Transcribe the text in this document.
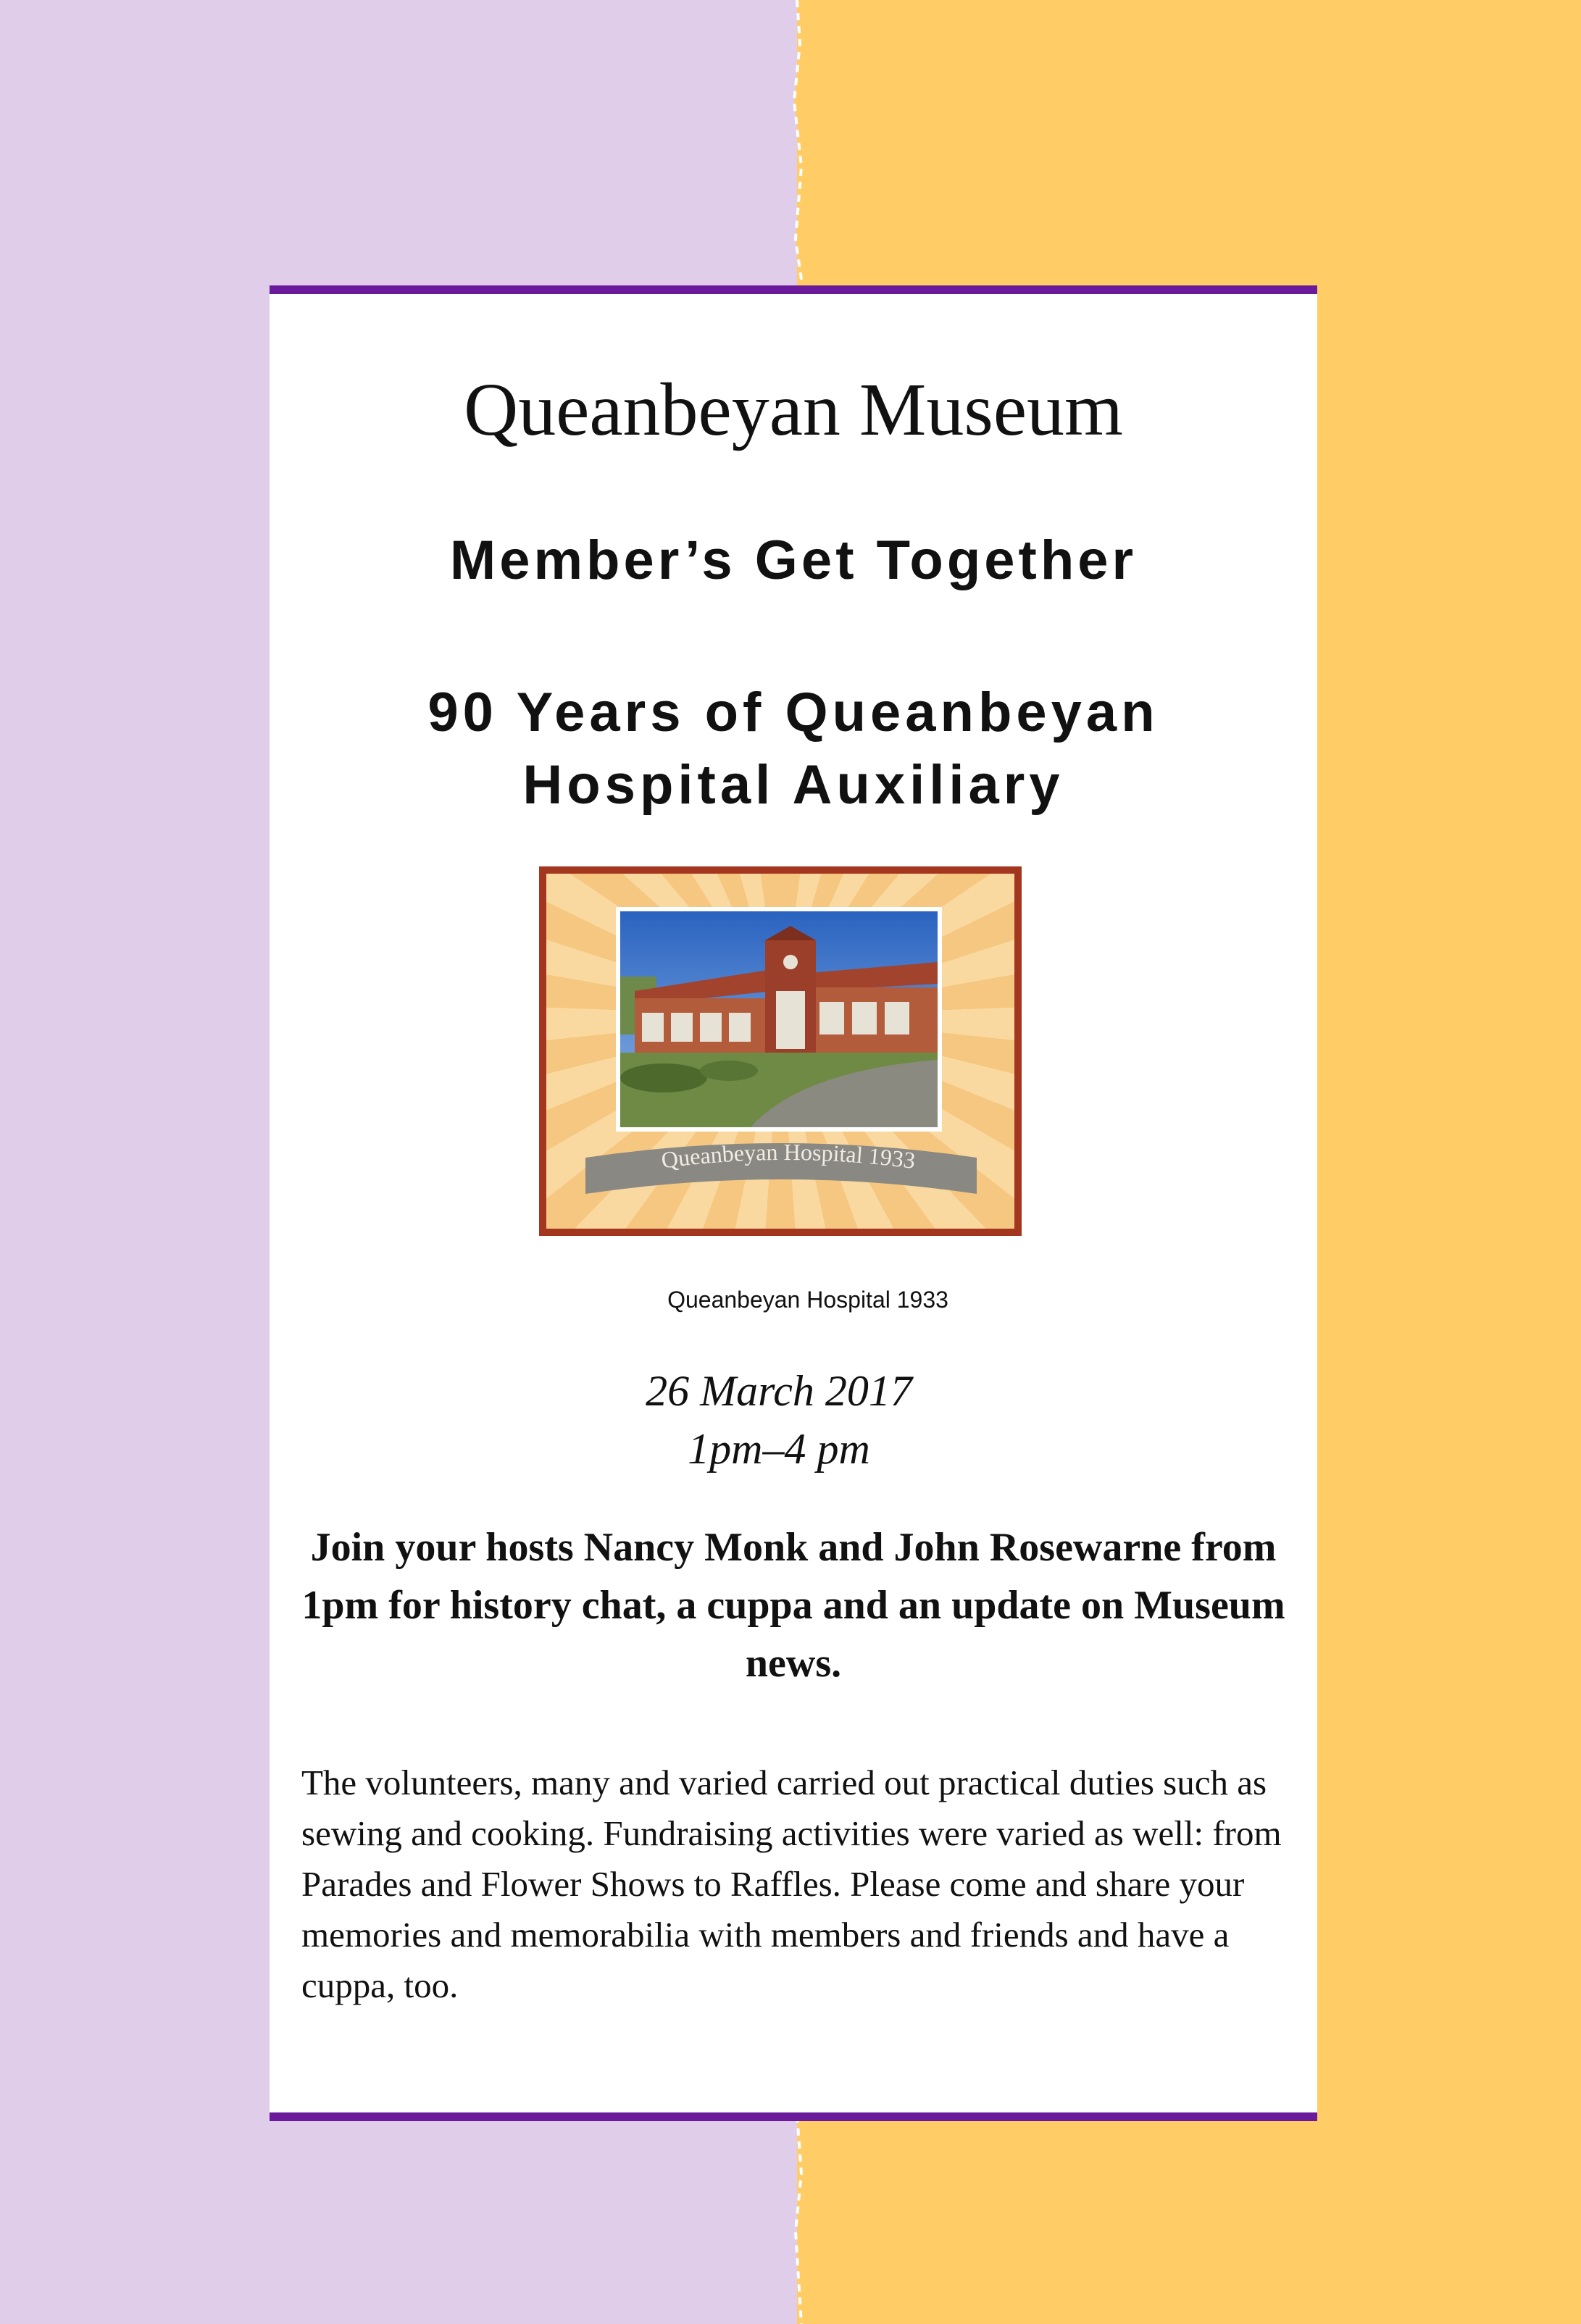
Queanbeyan Museum
Member’s Get Together
90 Years of Queanbeyan
Hospital Auxiliary
Queanbeyan Hospital 1933
Queanbeyan Hospital 1933
26 March 2017
1pm–4 pm
Join your hosts Nancy Monk and John Rosewarne from 1pm for history chat, a cuppa and an update on Museum news.
The volunteers, many and varied carried out practical duties such as sewing and cooking. Fundraising activities were varied as well: from Parades and Flower Shows to Raffles. Please come and share your memories and memorabilia with members and friends and have a cuppa, too.
